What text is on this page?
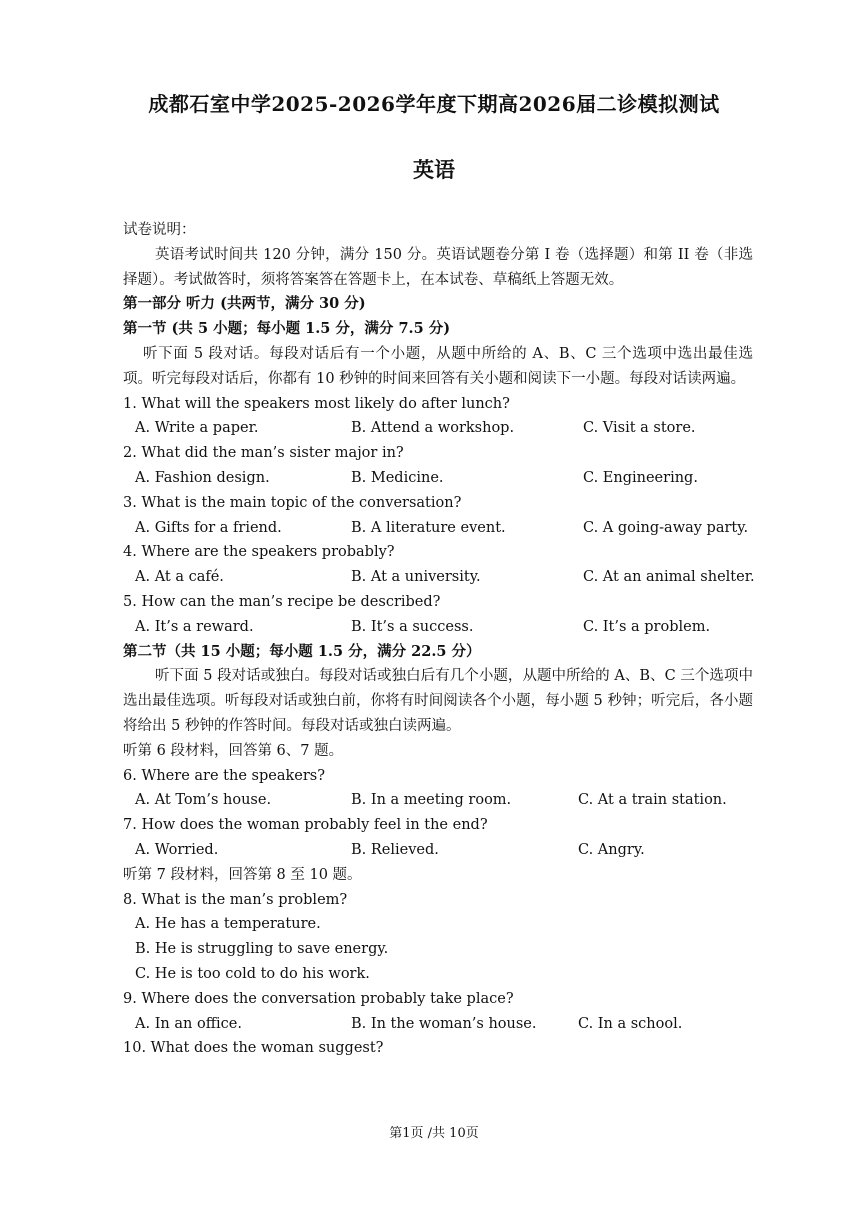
成都石室中学2025-2026学年度下期高2026届二诊模拟测试
英语
试卷说明：
英语考试时间共 120 分钟，满分 150 分。英语试题卷分第 I 卷（选择题）和第 II 卷（非选择题）。考试做答时，须将答案答在答题卡上，在本试卷、草稿纸上答题无效。
第一部分 听力 (共两节，满分 30 分)
第一节 (共 5 小题；每小题 1.5 分，满分 7.5 分)
听下面 5 段对话。每段对话后有一个小题，从题中所给的 A、B、C 三个选项中选出最佳选项。听完每段对话后，你都有 10 秒钟的时间来回答有关小题和阅读下一小题。每段对话读两遍。
1. What will the speakers most likely do after lunch?
A. Write a paper.	B. Attend a workshop.	C. Visit a store.
2. What did the man’s sister major in?
A. Fashion design.	B. Medicine.	C. Engineering.
3. What is the main topic of the conversation?
A. Gifts for a friend.	B. A literature event.	C. A going-away party.
4. Where are the speakers probably?
A. At a café.	B. At a university.	C. At an animal shelter.
5. How can the man’s recipe be described?
A. It’s a reward.	B. It’s a success.	C. It’s a problem.
第二节（共 15 小题；每小题 1.5 分，满分 22.5 分）
听下面 5 段对话或独白。每段对话或独白后有几个小题，从题中所给的 A、B、C 三个选项中选出最佳选项。听每段对话或独白前，你将有时间阅读各个小题，每小题 5 秒钟；听完后，各小题将给出 5 秒钟的作答时间。每段对话或独白读两遍。
听第 6 段材料，回答第 6、7 题。
6. Where are the speakers?
A. At Tom’s house.	B. In a meeting room.	C. At a train station.
7. How does the woman probably feel in the end?
A. Worried.	B. Relieved.	C. Angry.
听第 7 段材料，回答第 8 至 10 题。
8. What is the man’s problem?
A. He has a temperature.
B. He is struggling to save energy.
C. He is too cold to do his work.
9. Where does the conversation probably take place?
A. In an office.	B. In the woman’s house.	C. In a school.
10. What does the woman suggest?
第1页 /共 10页
